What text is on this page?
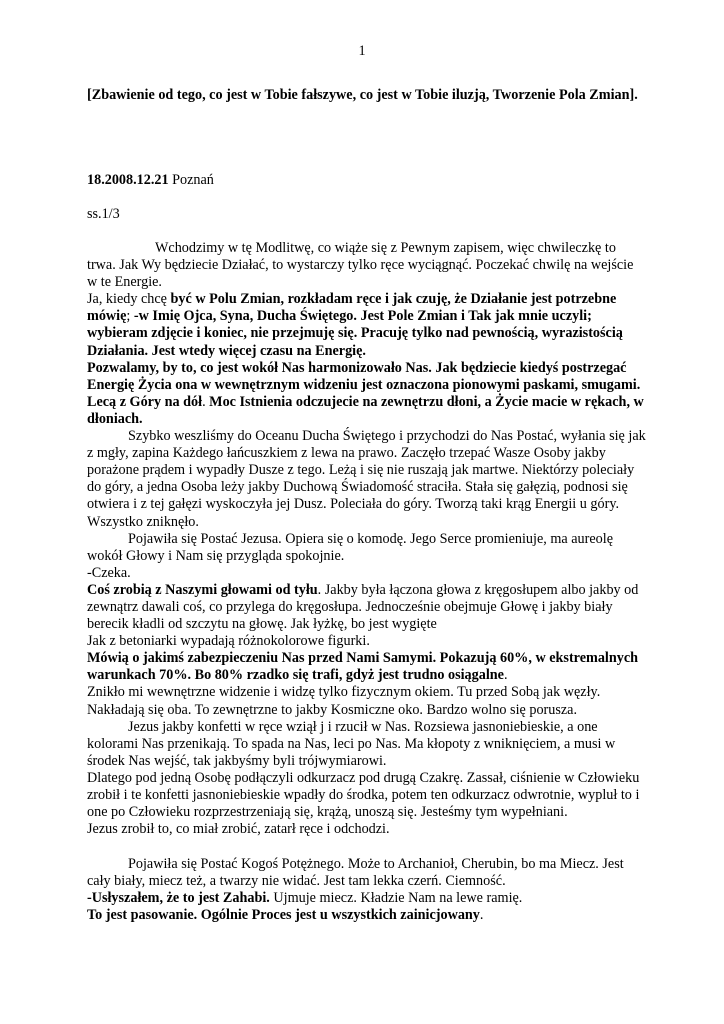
1
[Zbawienie od tego, co jest w Tobie fałszywe, co jest w Tobie iluzją, Tworzenie Pola Zmian].
18.2008.12.21 Poznań
ss.1/3

Wchodzimy w tę Modlitwę, co wiąże się z Pewnym zapisem, więc chwileczkę to trwa. Jak Wy będziecie Działać, to wystarczy tylko ręce wyciągnąć. Poczekać chwilę na wejście w te Energie.

Ja, kiedy chcę być w Polu Zmian, rozkładam ręce i jak czuję, że Działanie jest potrzebne mówię; -w Imię Ojca, Syna, Ducha Świętego. Jest Pole Zmian i Tak jak mnie uczyli; wybieram zdjęcie i koniec, nie przejmuję się. Pracuję tylko nad pewnością, wyrazistością Działania. Jest wtedy więcej czasu na Energię.

Pozwalamy, by to, co jest wokół Nas harmonizowało Nas. Jak będziecie kiedyś postrzegać Energię Życia ona w wewnętrznym widzeniu jest oznaczona pionowymi paskami, smugami. Lecą z Góry na dół. Moc Istnienia odczujecie na zewnętrzu dłoni, a Życie macie w rękach, w dłoniach.

Szybko weszliśmy do Oceanu Ducha Świętego i przychodzi do Nas Postać, wyłania się jak z mgły, zapina Każdego łańcuszkiem z lewa na prawo. Zaczęło trzepać Wasze Osoby jakby porażone prądem i wypadły Dusze z tego. Leżą i się nie ruszają jak martwe. Niektórzy poleciały do góry, a jedna Osoba leży jakby Duchową Świadomość straciła. Stała się gałęzią, podnosi się otwiera i z tej gałęzi wyskoczyła jej Dusz. Poleciała do góry. Tworzą taki krąg Energii u góry. Wszystko zniknęło.

Pojawiła się Postać Jezusa. Opiera się o komodę. Jego Serce promieniuje, ma aureolę wokół Głowy i Nam się przygląda spokojnie.

-Czeka.

Coś zrobią z Naszymi głowami od tyłu. Jakby była łączona głowa z kręgosłupem albo jakby od zewnątrz dawali coś, co przylega do kręgosłupa. Jednocześnie obejmuje Głowę i jakby biały berecik kładli od szczytu na głowę. Jak łyżkę, bo jest wygięte

Jak z betoniarki wypadają różnokolorowe figurki.

Mówią o jakimś zabezpieczeniu Nas przed Nami Samymi. Pokazują 60%, w ekstremalnych warunkach 70%. Bo 80% rzadko się trafi, gdyż jest trudno osiągalne.

Znikło mi wewnętrzne widzenie i widzę tylko fizycznym okiem. Tu przed Sobą jak węzły. Nakładają się oba. To zewnętrzne to jakby Kosmiczne oko. Bardzo wolno się porusza.

Jezus jakby konfetti w ręce wziął j i rzucił w Nas. Rozsiewa jasnoniebieskie, a one kolorami Nas przenikają. To spada na Nas, leci po Nas. Ma kłopoty z wniknięciem, a musi w środek Nas wejść, tak jakbyśmy byli trójwymiarowi.

Dlatego pod jedną Osobę podłączyli odkurzacz pod drugą Czakrę. Zassał, ciśnienie w Człowieku zrobił i te konfetti jasnoniebieskie wpadły do środka, potem ten odkurzacz odwrotnie, wypluł to i one po Człowieku rozprzestrzeniają się, krążą, unoszą się. Jesteśmy tym wypełniani.

Jezus zrobił to, co miał zrobić, zatarł ręce i odchodzi.

Pojawiła się Postać Kogoś Potężnego. Może to Archanioł, Cherubin, bo ma Miecz. Jest cały biały, miecz też, a twarzy nie widać. Jest tam lekka czerń. Ciemność.

-Usłyszałem, że to jest Zahabi. Ujmuje miecz. Kładzie Nam na lewe ramię.

To jest pasowanie. Ogólnie Proces jest u wszystkich zainicjowany.
